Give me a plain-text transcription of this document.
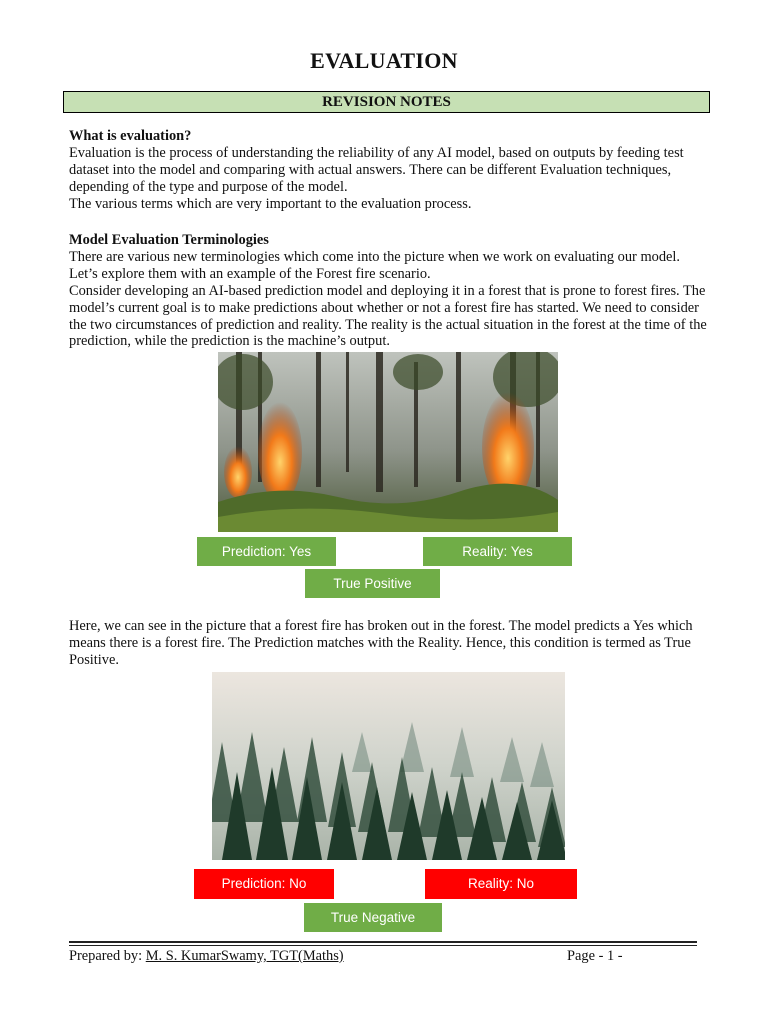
EVALUATION
REVISION NOTES
What is evaluation?

Evaluation is the process of understanding the reliability of any AI model, based on outputs by feeding test dataset into the model and comparing with actual answers. There can be different Evaluation techniques, depending of the type and purpose of the model.

The various terms which are very important to the evaluation process.

Model Evaluation Terminologies

There are various new terminologies which come into the picture when we work on evaluating our model. Let’s explore them with an example of the Forest fire scenario.

Consider developing an AI-based prediction model and deploying it in a forest that is prone to forest fires. The model’s current goal is to make predictions about whether or not a forest fire has started. We need to consider the two circumstances of prediction and reality. The reality is the actual situation in the forest at the time of the prediction, while the prediction is the machine’s output.

Prediction: Yes	Reality: Yes
True Positive

Here, we can see in the picture that a forest fire has broken out in the forest. The model predicts a Yes which means there is a forest fire. The Prediction matches with the Reality. Hence, this condition is termed as True Positive.

Prediction: No	Reality: No
True Negative
Prepared by: M. S. KumarSwamy, TGT(Maths)	Page - 1 -
